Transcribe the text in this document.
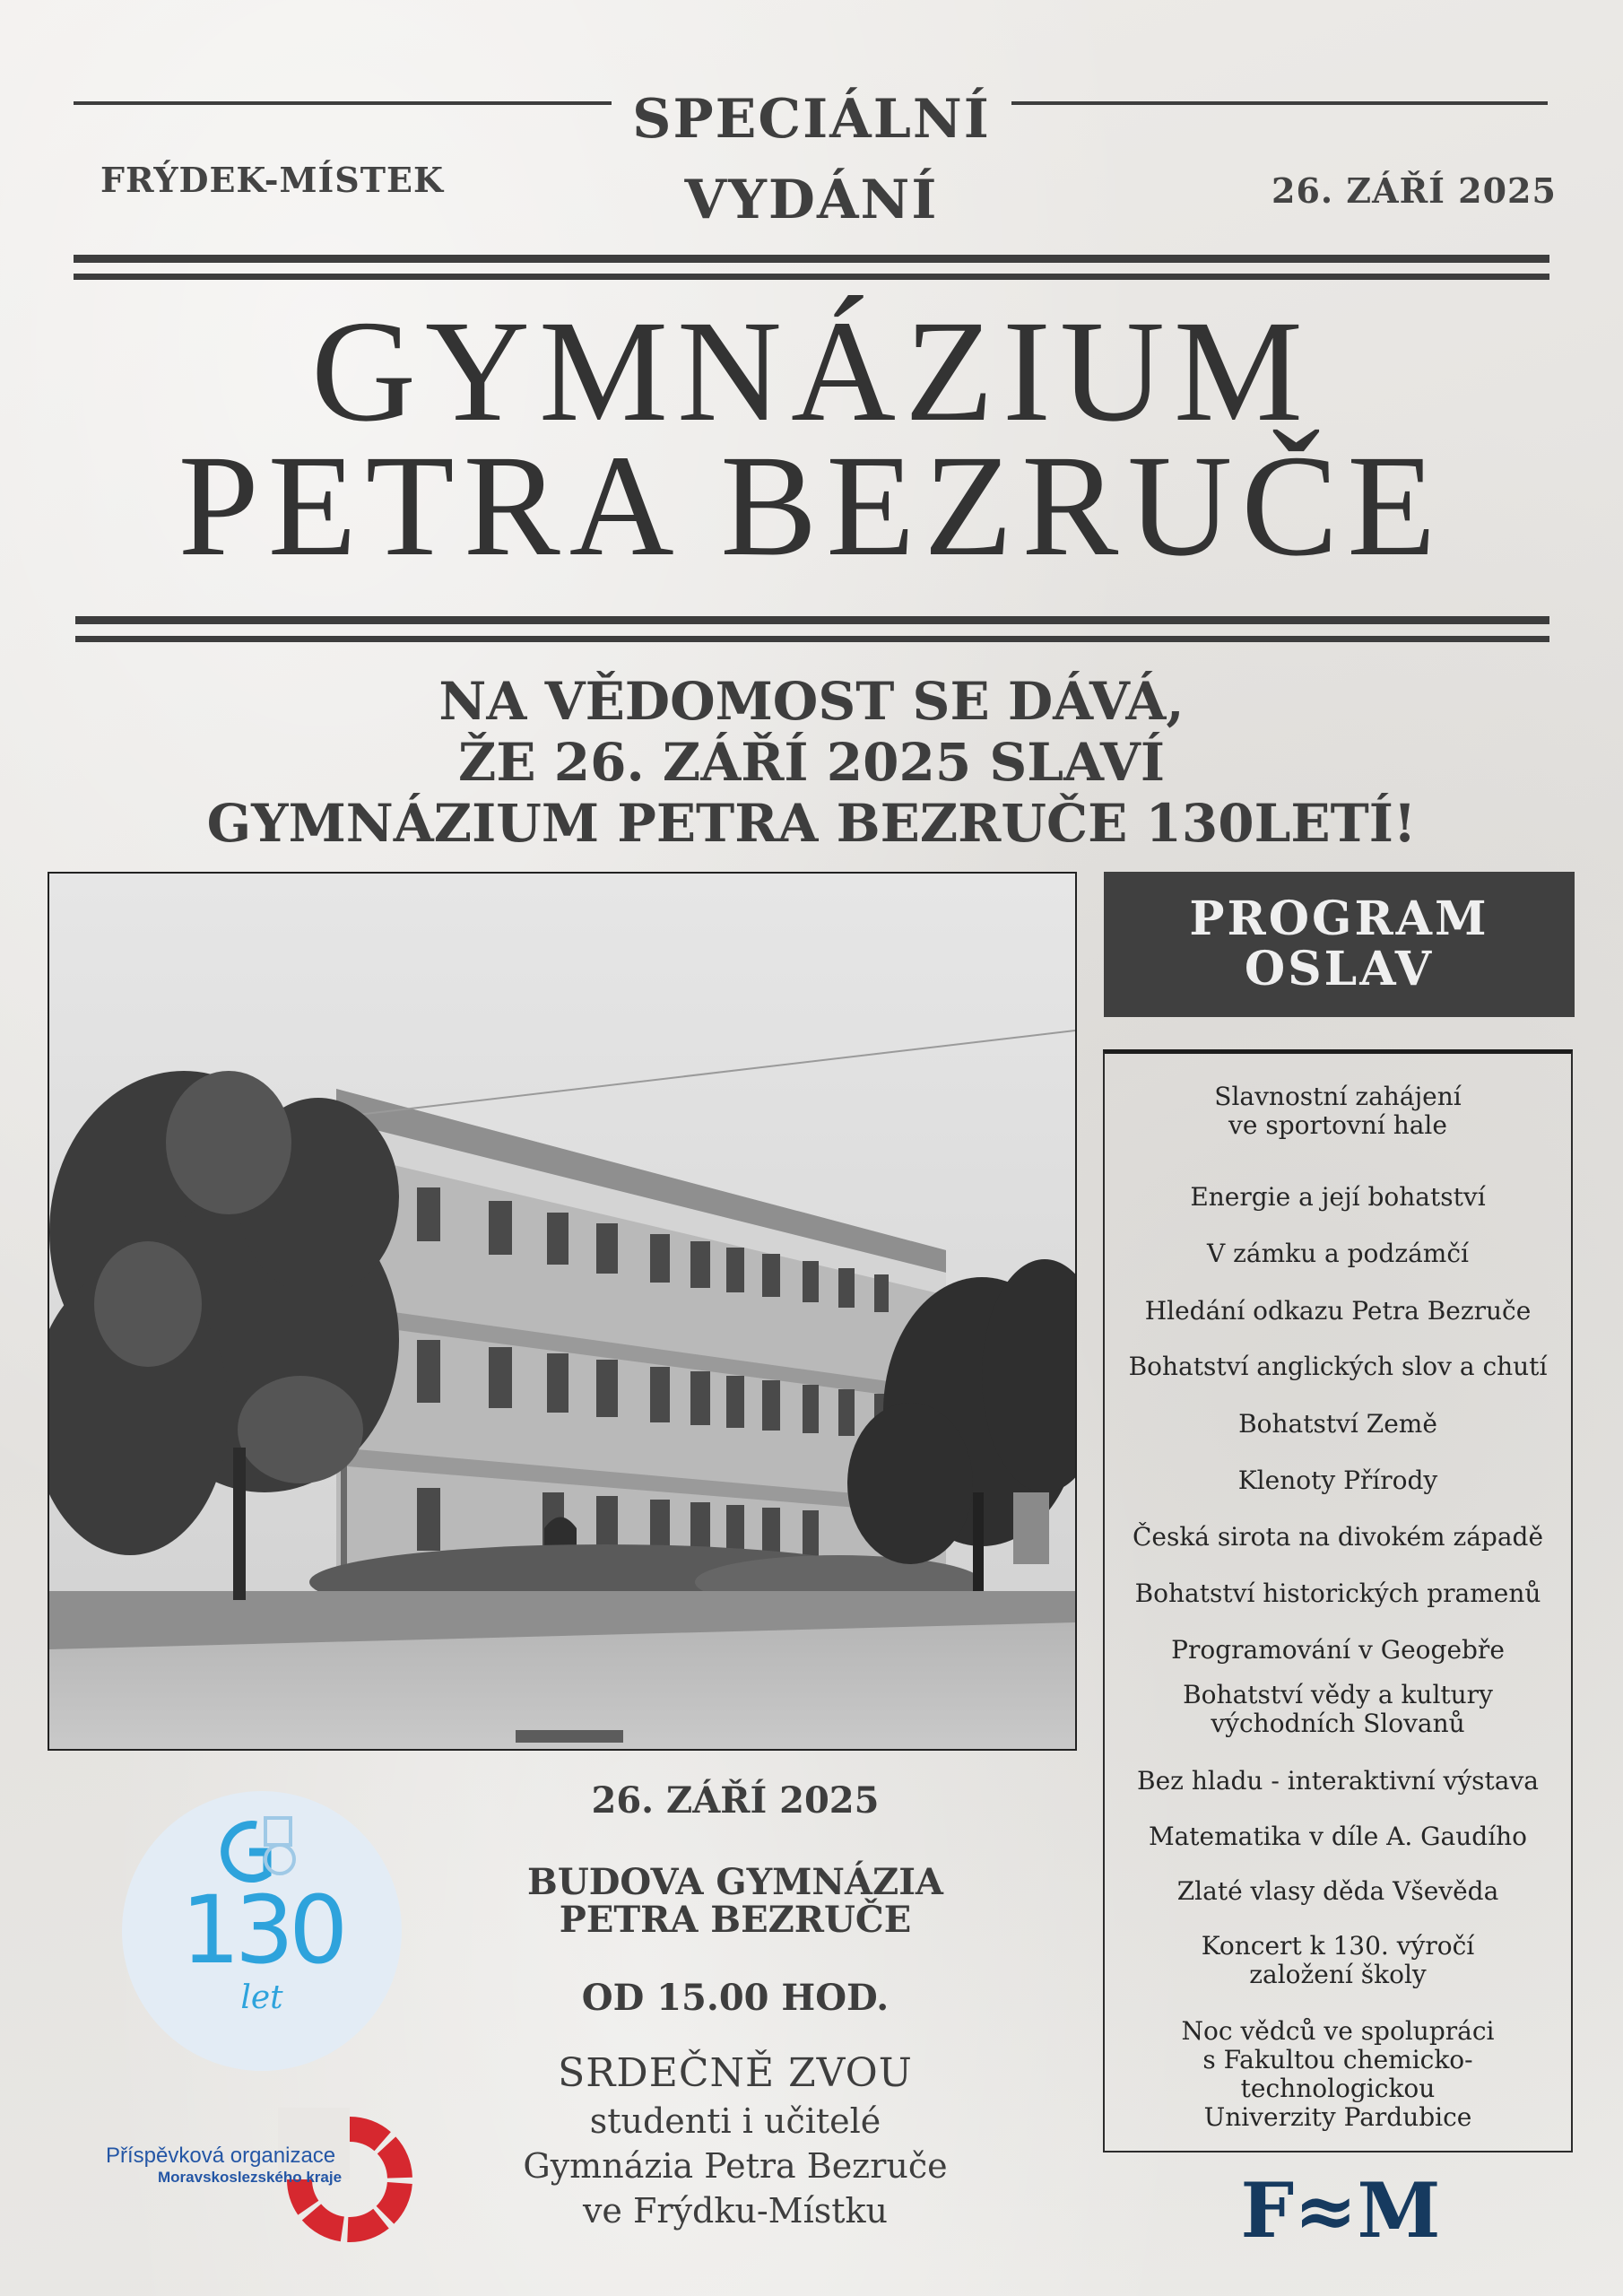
FRÝDEK-MÍSTEK
SPECIÁLNÍ
VYDÁNÍ	26. ZÁŘÍ 2025
GYMNÁZIUM
PETRA BEZRUČE
NA VĚDOMOST SE DÁVÁ,
ŽE 26. ZÁŘÍ 2025 SLAVÍ
GYMNÁZIUM PETRA BEZRUČE 130LETÍ!
PROGRAM
OSLAV
Slavnostní zahájení
ve sportovní hale
Energie a její bohatství
V zámku a podzámčí
Hledání odkazu Petra Bezruče
Bohatství anglických slov a chutí
Bohatství Země
Klenoty Přírody
Česká sirota na divokém západě
Bohatství historických pramenů
Programování v Geogebře
Bohatství vědy a kultury
východních Slovanů
Bez hladu - interaktivní výstava
Matematika v díle A. Gaudího
Zlaté vlasy děda Vševěda
Koncert k 130. výročí
založení školy
Noc vědců ve spolupráci
s Fakultou chemicko-
technologickou
Univerzity Pardubice
26. ZÁŘÍ 2025
BUDOVA GYMNÁZIA
PETRA BEZRUČE
OD 15.00 HOD.
SRDEČNĚ ZVOU
studenti i učitelé
Gymnázia Petra Bezruče
ve Frýdku-Místku
130
let
Příspěvková organizace
Moravskoslezského kraje	F≈M
